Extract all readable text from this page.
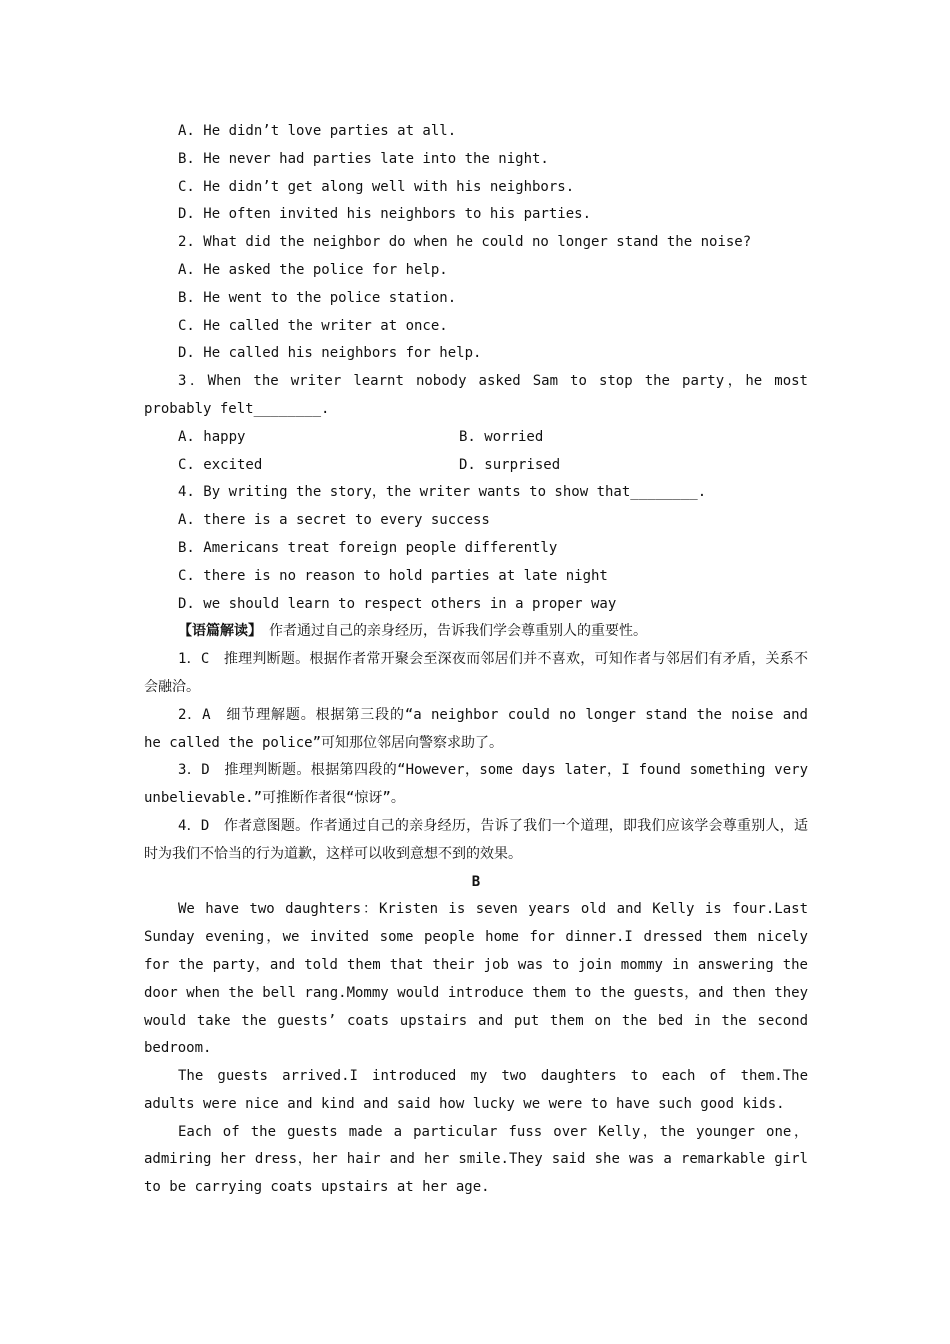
A. He didn’t love parties at all.

B. He never had parties late into the night.

C. He didn’t get along well with his neighbors.

D. He often invited his neighbors to his parties.

2. What did the neighbor do when he could no longer stand the noise?

A. He asked the police for help.

B. He went to the police station.

C. He called the writer at once.

D. He called his neighbors for help.

3．When the writer learnt nobody asked Sam to stop the party，he most probably felt________.

A. happy	B. worried
C. excited	D. surprised

4. By writing the story，the writer wants to show that________.

A. there is a secret to every success

B. Americans treat foreign people differently

C. there is no reason to hold parties at late night

D. we should learn to respect others in a proper way

【语篇解读】　 作者通过自己的亲身经历，告诉我们学会尊重别人的重要性。

1．C　推理判断题。根据作者常开聚会至深夜而邻居们并不喜欢，可知作者与邻居们有矛盾，关系不会融洽。

2．A　细节理解题。根据第三段的“a neighbor could no longer stand the noise and he called the police”可知那位邻居向警察求助了。

3．D　推理判断题。根据第四段的“However，some days later，I found something very unbelievable.”可推断作者很“惊讶”。

4．D　作者意图题。作者通过自己的亲身经历，告诉了我们一个道理，即我们应该学会尊重别人，适时为我们不恰当的行为道歉，这样可以收到意想不到的效果。

B

We have two daughters：Kristen is seven years old and Kelly is four.Last Sunday evening，we invited some people home for dinner.I dressed them nicely for the party，and told them that their job was to join mommy in answering the door when the bell rang.Mommy would introduce them to the guests，and then they would take the guests’ coats upstairs and put them on the bed in the second bedroom.

The guests arrived.I introduced my two daughters to each of them.The adults were nice and kind and said how lucky we were to have such good kids.

Each of the guests made a particular fuss over Kelly，the younger one，admiring her dress，her hair and her smile.They said she was a remarkable girl to be carrying coats upstairs at her age.
